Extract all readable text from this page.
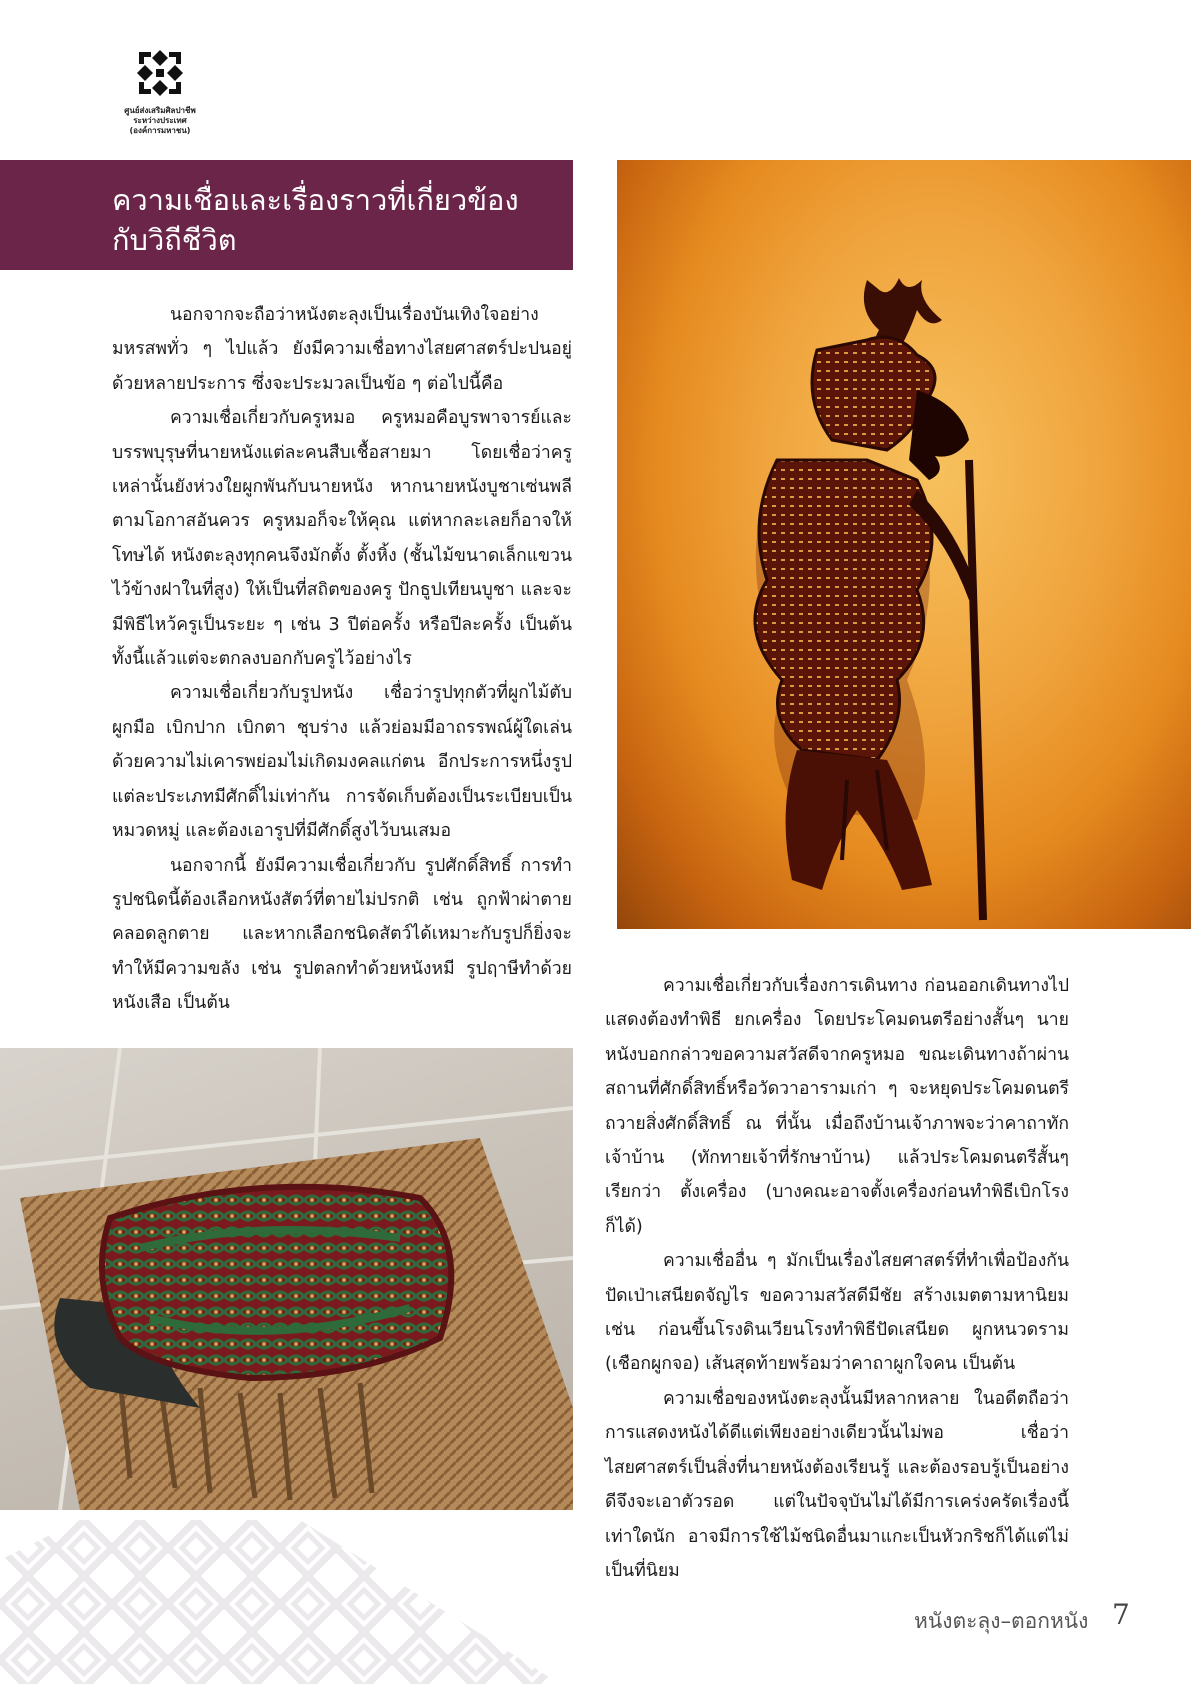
ศูนย์ส่งเสริมศิลปาชีพ
ระหว่างประเทศ
(องค์การมหาชน)
ความเชื่อและเรื่องราวที่เกี่ยวข้อง
กับวิถีชีวิต

นอกจากจะถือว่าหนังตะลุงเป็นเรื่องบันเทิงใจอย่างมหรสพทั่ว ๆ ไปแล้ว ยังมีความเชื่อทางไสยศาสตร์ปะปนอยู่ด้วยหลายประการ ซึ่งจะประมวลเป็นข้อ ๆ ต่อไปนี้คือ

ความเชื่อเกี่ยวกับครูหมอ ครูหมอคือบูรพาจารย์และบรรพบุรุษที่นายหนังแต่ละคนสืบเชื้อสายมา โดยเชื่อว่าครูเหล่านั้นยังห่วงใยผูกพันกับนายหนัง หากนายหนังบูชาเซ่นพลีตามโอกาสอันควร ครูหมอก็จะให้คุณ แต่หากละเลยก็อาจให้โทษได้ หนังตะลุงทุกคนจึงมักตั้ง ตั้งหิ้ง (ชั้นไม้ขนาดเล็กแขวนไว้ข้างฝาในที่สูง) ให้เป็นที่สถิตของครู ปักธูปเทียนบูชา และจะมีพิธีไหว้ครูเป็นระยะ ๆ เช่น 3 ปีต่อครั้ง หรือปีละครั้ง เป็นต้น ทั้งนี้แล้วแต่จะตกลงบอกกับครูไว้อย่างไร

ความเชื่อเกี่ยวกับรูปหนัง เชื่อว่ารูปทุกตัวที่ผูกไม้ตับ ผูกมือ เบิกปาก เบิกตา ชุบร่าง แล้วย่อมมีอาถรรพณ์ผู้ใดเล่นด้วยความไม่เคารพย่อมไม่เกิดมงคลแก่ตน อีกประการหนึ่งรูปแต่ละประเภทมีศักดิ์ไม่เท่ากัน การจัดเก็บต้องเป็นระเบียบเป็นหมวดหมู่ และต้องเอารูปที่มีศักดิ์สูงไว้บนเสมอ

นอกจากนี้ ยังมีความเชื่อเกี่ยวกับ รูปศักดิ์สิทธิ์ การทำรูปชนิดนี้ต้องเลือกหนังสัตว์ที่ตายไม่ปรกติ เช่น ถูกฟ้าผ่าตาย คลอดลูกตาย และหากเลือกชนิดสัตว์ได้เหมาะกับรูปก็ยิ่งจะทำให้มีความขลัง เช่น รูปตลกทำด้วยหนังหมี รูปฤาษีทำด้วยหนังเสือ เป็นต้น

ความเชื่อเกี่ยวกับเรื่องการเดินทาง ก่อนออกเดินทางไปแสดงต้องทำพิธี ยกเครื่อง โดยประโคมดนตรีอย่างสั้นๆ นายหนังบอกกล่าวขอความสวัสดีจากครูหมอ ขณะเดินทางถ้าผ่านสถานที่ศักดิ์สิทธิ์หรือวัดวาอารามเก่า ๆ จะหยุดประโคมดนตรีถวายสิ่งศักดิ์สิทธิ์ ณ ที่นั้น เมื่อถึงบ้านเจ้าภาพจะว่าคาถาทักเจ้าบ้าน (ทักทายเจ้าที่รักษาบ้าน) แล้วประโคมดนตรีสั้นๆ เรียกว่า ตั้งเครื่อง (บางคณะอาจตั้งเครื่องก่อนทำพิธีเบิกโรงก็ได้)

ความเชื่ออื่น ๆ มักเป็นเรื่องไสยศาสตร์ที่ทำเพื่อป้องกันปัดเป่าเสนียดจัญไร ขอความสวัสดีมีชัย สร้างเมตตามหานิยม เช่น ก่อนขึ้นโรงดินเวียนโรงทำพิธีปัดเสนียด ผูกหนวดราม (เชือกผูกจอ) เส้นสุดท้ายพร้อมว่าคาถาผูกใจคน เป็นต้น

ความเชื่อของหนังตะลุงนั้นมีหลากหลาย ในอดีตถือว่าการแสดงหนังได้ดีแต่เพียงอย่างเดียวนั้นไม่พอ เชื่อว่าไสยศาสตร์เป็นสิ่งที่นายหนังต้องเรียนรู้ และต้องรอบรู้เป็นอย่างดีจึงจะเอาตัวรอด แต่ในปัจจุบันไม่ได้มีการเคร่งครัดเรื่องนี้เท่าใดนัก อาจมีการใช้ไม้ชนิดอื่นมาแกะเป็นหัวกริชก็ได้แต่ไม่เป็นที่นิยม

หนังตะลุง–ตอกหนัง 7
